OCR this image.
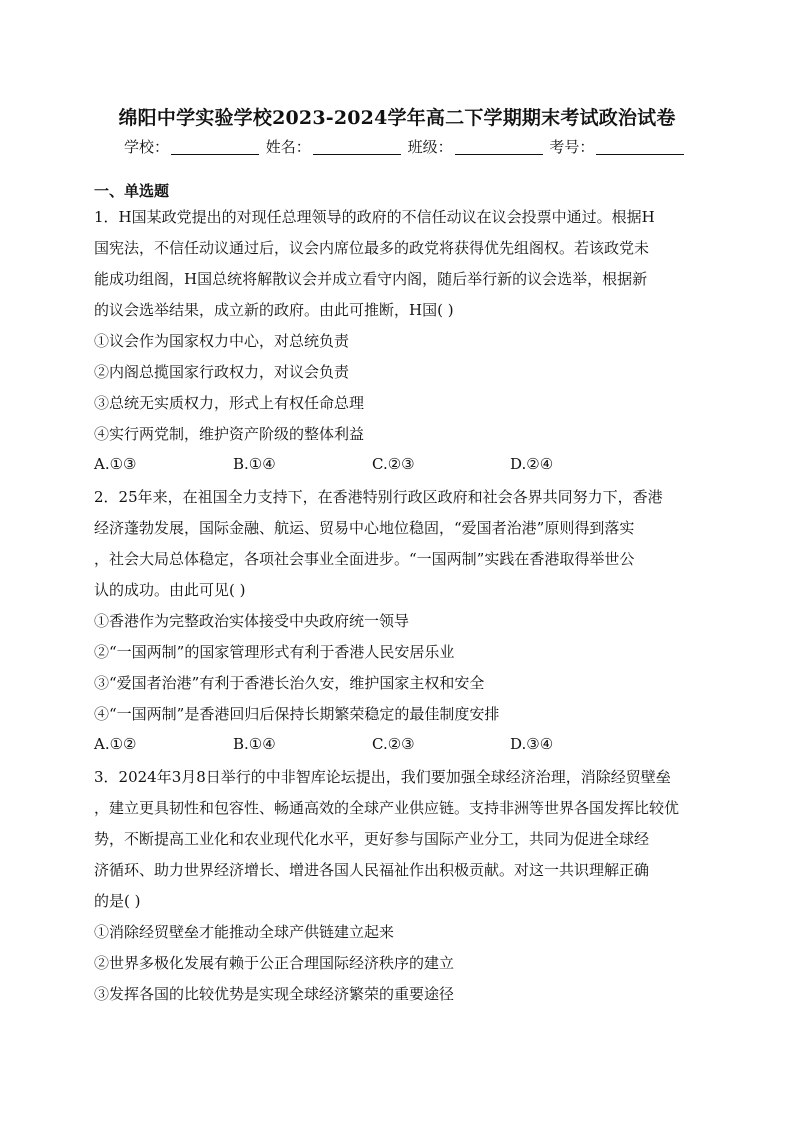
绵阳中学实验学校2023-2024学年高二下学期期末考试政治试卷
学校：	姓名：	班级：	考号：
一、单选题
1．H国某政党提出的对现任总理领导的政府的不信任动议在议会投票中通过。根据H
国宪法，不信任动议通过后，议会内席位最多的政党将获得优先组阁权。若该政党未
能成功组阁，H国总统将解散议会并成立看守内阁，随后举行新的议会选举，根据新
的议会选举结果，成立新的政府。由此可推断，H国( )
①议会作为国家权力中心，对总统负责
②内阁总揽国家行政权力，对议会负责
③总统无实质权力，形式上有权任命总理
④实行两党制，维护资产阶级的整体利益
A.①③	B.①④	C.②③	D.②④
2．25年来，在祖国全力支持下，在香港特别行政区政府和社会各界共同努力下，香港
经济蓬勃发展，国际金融、航运、贸易中心地位稳固，“爱国者治港”原则得到落实
，社会大局总体稳定，各项社会事业全面进步。“一国两制”实践在香港取得举世公
认的成功。由此可见( )
①香港作为完整政治实体接受中央政府统一领导
②“一国两制”的国家管理形式有利于香港人民安居乐业
③“爱国者治港”有利于香港长治久安，维护国家主权和安全
④“一国两制”是香港回归后保持长期繁荣稳定的最佳制度安排
A.①②	B.①④	C.②③	D.③④
3．2024年3月8日举行的中非智库论坛提出，我们要加强全球经济治理，消除经贸壁垒
，建立更具韧性和包容性、畅通高效的全球产业供应链。支持非洲等世界各国发挥比较优
势，不断提高工业化和农业现代化水平，更好参与国际产业分工，共同为促进全球经
济循环、助力世界经济增长、增进各国人民福祉作出积极贡献。对这一共识理解正确
的是( )
①消除经贸壁垒才能推动全球产供链建立起来
②世界多极化发展有赖于公正合理国际经济秩序的建立
③发挥各国的比较优势是实现全球经济繁荣的重要途径
